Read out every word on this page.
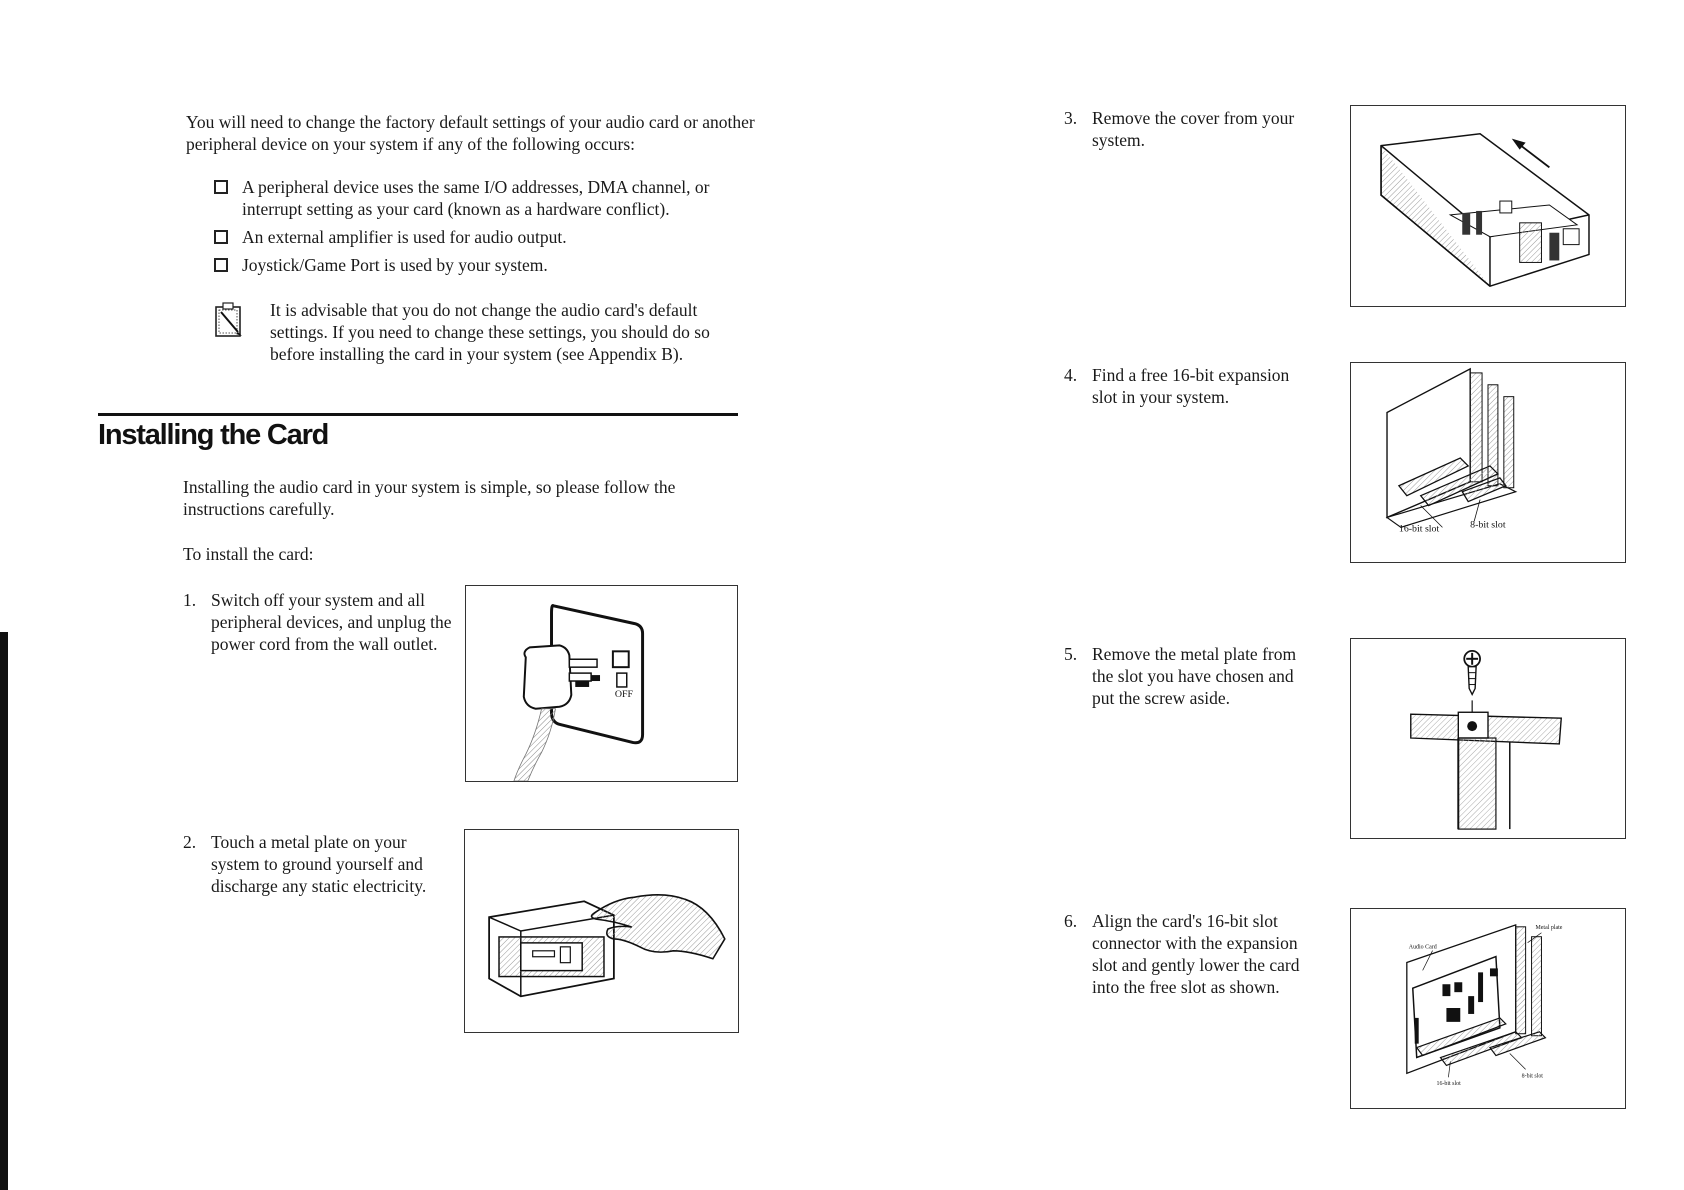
You will need to change the factory default settings of your audio card or another peripheral device on your system if any of the following occurs:

A peripheral device uses the same I/O addresses, DMA channel, or interrupt setting as your card (known as a hardware conflict).
An external amplifier is used for audio output.
Joystick/Game Port is used by your system.

It is advisable that you do not change the audio card's default settings. If you need to change these settings, you should do so before installing the card in your system (see Appendix B).

Installing the Card

Installing the audio card in your system is simple, so please follow the instructions carefully.

To install the card:

1. Switch off your system and all peripheral devices, and unplug the power cord from the wall outlet.
OFF
2. Touch a metal plate on your system to ground yourself and discharge any static electricity.
3. Remove the cover from your system.
4. Find a free 16-bit expansion slot in your system.
16-bit slot	8-bit slot
5. Remove the metal plate from the slot you have chosen and put the screw aside.
6. Align the card's 16-bit slot connector with the expansion slot and gently lower the card into the free slot as shown.
Audio Card
Metal plate
8-bit slot
16-bit slot
